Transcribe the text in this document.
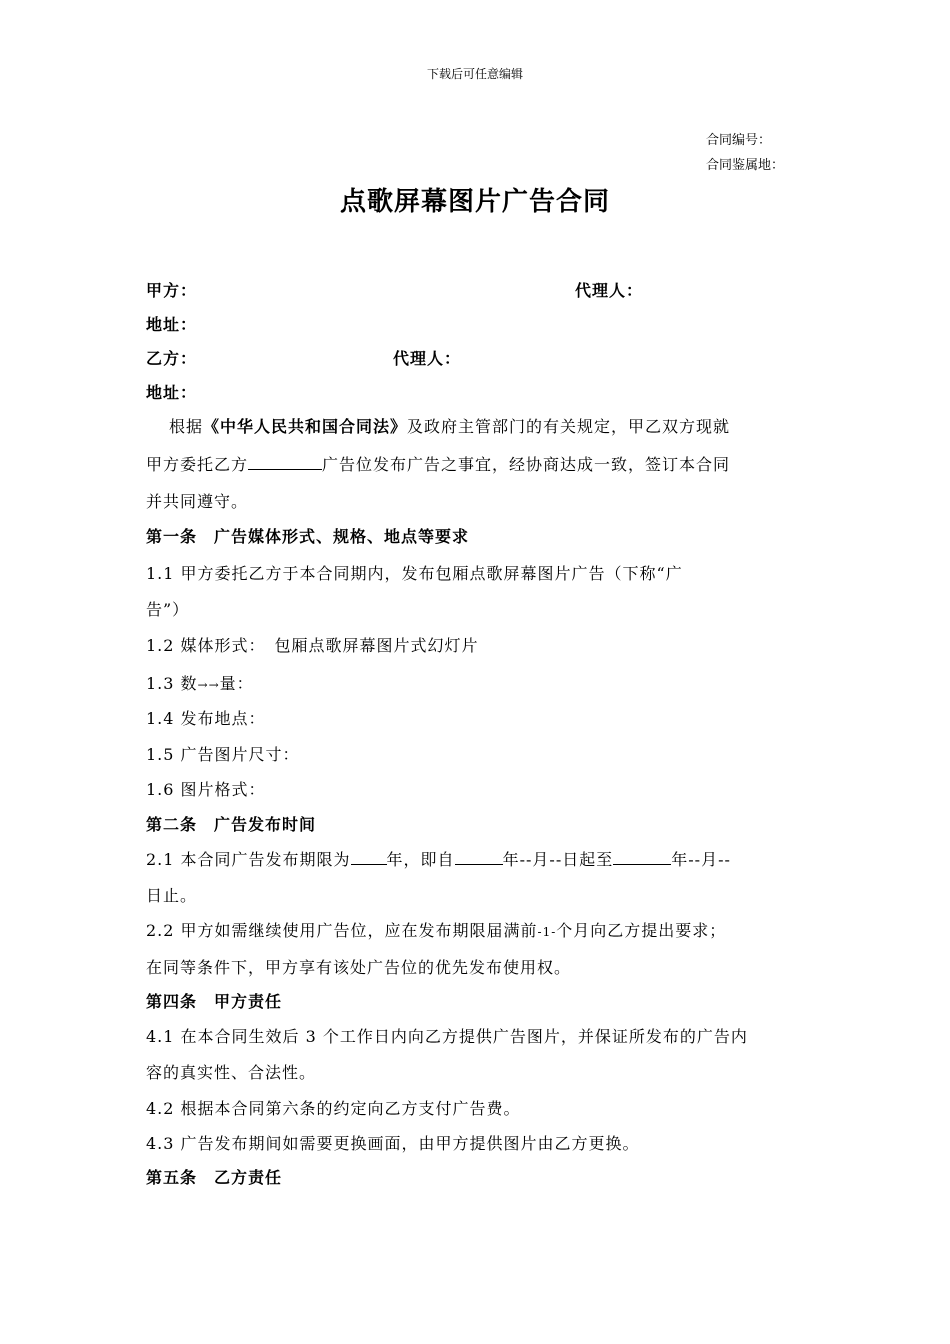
下载后可任意编辑
合同编号：
合同鉴属地：
点歌屏幕图片广告合同
甲方：	代理人：
地址：
乙方：	代理人：
地址：
根据《中华人民共和国合同法》及政府主管部门的有关规定，甲乙双方现就
甲方委托乙方	广告位发布广告之事宜，经协商达成一致，签订本合同
并共同遵守。
第一条　广告媒体形式、规格、地点等要求
1.1 甲方委托乙方于本合同期内，发布包厢点歌屏幕图片广告（下称“广
告”）
1.2 媒体形式：　包厢点歌屏幕图片式幻灯片
1.3 数→→量：
1.4 发布地点：
1.5 广告图片尺寸：
1.6 图片格式：
第二条　广告发布时间
2.1 本合同广告发布期限为 年，即自	年--月--日起至	年--月--
日止。
2.2 甲方如需继续使用广告位，应在发布期限届满前-1-个月向乙方提出要求；
在同等条件下，甲方享有该处广告位的优先发布使用权。
第四条　甲方责任
4.1 在本合同生效后 3 个工作日内向乙方提供广告图片，并保证所发布的广告内
容的真实性、合法性。
4.2 根据本合同第六条的约定向乙方支付广告费。
4.3 广告发布期间如需要更换画面，由甲方提供图片由乙方更换。
第五条　乙方责任
